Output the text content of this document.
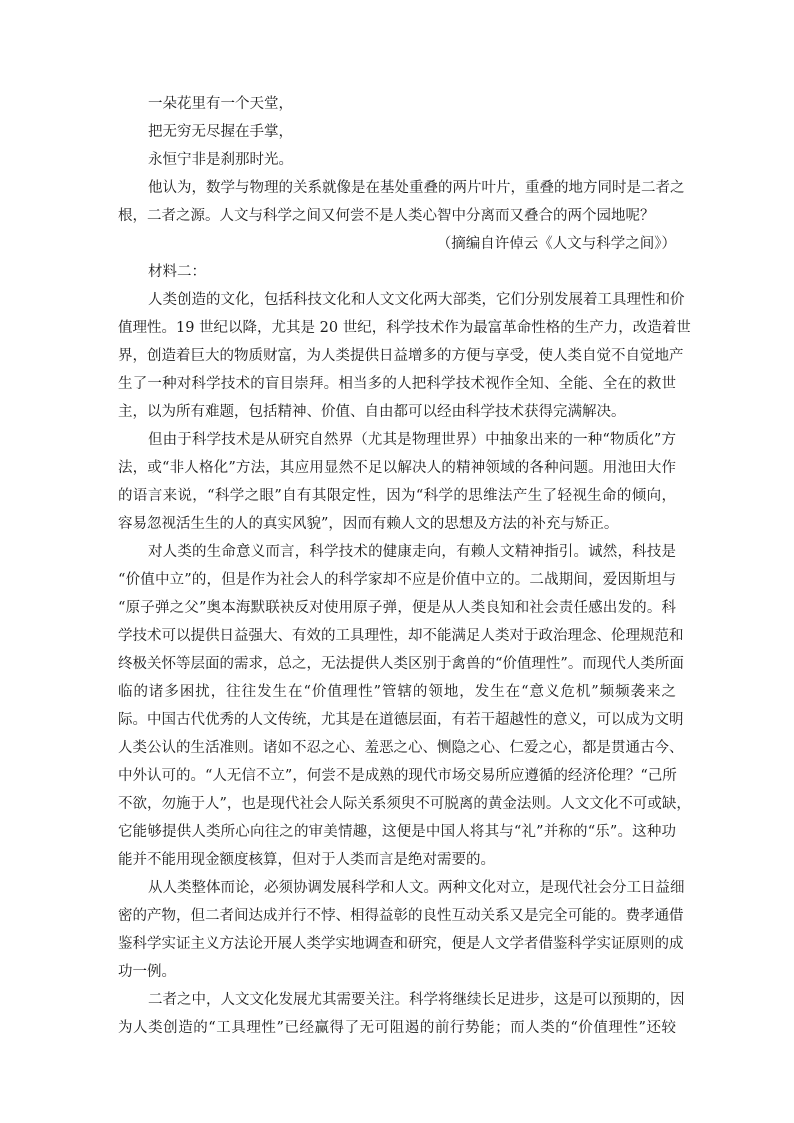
一朵花里有一个天堂，
把无穷无尽握在手掌，
永恒宁非是刹那时光。
他认为，数学与物理的关系就像是在基处重叠的两片叶片，重叠的地方同时是二者之
根，二者之源。人文与科学之间又何尝不是人类心智中分离而又叠合的两个园地呢？
（摘编自许倬云《人文与科学之间》）
材料二：
人类创造的文化，包括科技文化和人文文化两大部类，它们分别发展着工具理性和价
值理性。19 世纪以降，尤其是 20 世纪，科学技术作为最富革命性格的生产力，改造着世
界，创造着巨大的物质财富，为人类提供日益增多的方便与享受，使人类自觉不自觉地产
生了一种对科学技术的盲目崇拜。相当多的人把科学技术视作全知、全能、全在的救世
主，以为所有难题，包括精神、价值、自由都可以经由科学技术获得完满解决。
但由于科学技术是从研究自然界（尤其是物理世界）中抽象出来的一种“物质化”方
法，或“非人格化”方法，其应用显然不足以解决人的精神领域的各种问题。用池田大作
的语言来说，“科学之眼”自有其限定性，因为“科学的思维法产生了轻视生命的倾向，
容易忽视活生生的人的真实风貌”，因而有赖人文的思想及方法的补充与矫正。
对人类的生命意义而言，科学技术的健康走向，有赖人文精神指引。诚然，科技是
“价值中立”的，但是作为社会人的科学家却不应是价值中立的。二战期间，爱因斯坦与
“原子弹之父”奥本海默联袂反对使用原子弹，便是从人类良知和社会责任感出发的。科
学技术可以提供日益强大、有效的工具理性，却不能满足人类对于政治理念、伦理规范和
终极关怀等层面的需求，总之，无法提供人类区别于禽兽的“价值理性”。而现代人类所面
临的诸多困扰，往往发生在“价值理性”管辖的领地，发生在“意义危机”频频袭来之
际。中国古代优秀的人文传统，尤其是在道德层面，有若干超越性的意义，可以成为文明
人类公认的生活准则。诸如不忍之心、羞恶之心、恻隐之心、仁爱之心，都是贯通古今、
中外认可的。“人无信不立”，何尝不是成熟的现代市场交易所应遵循的经济伦理？“己所
不欲，勿施于人”，也是现代社会人际关系须臾不可脱离的黄金法则。人文文化不可或缺，
它能够提供人类所心向往之的审美情趣，这便是中国人将其与“礼”并称的“乐”。这种功
能并不能用现金额度核算，但对于人类而言是绝对需要的。
从人类整体而论，必须协调发展科学和人文。两种文化对立，是现代社会分工日益细
密的产物，但二者间达成并行不悖、相得益彰的良性互动关系又是完全可能的。费孝通借
鉴科学实证主义方法论开展人类学实地调查和研究，便是人文学者借鉴科学实证原则的成
功一例。
二者之中，人文文化发展尤其需要关注。科学将继续长足进步，这是可以预期的，因
为人类创造的“工具理性”已经赢得了无可阻遏的前行势能；而人类的“价值理性”还较
